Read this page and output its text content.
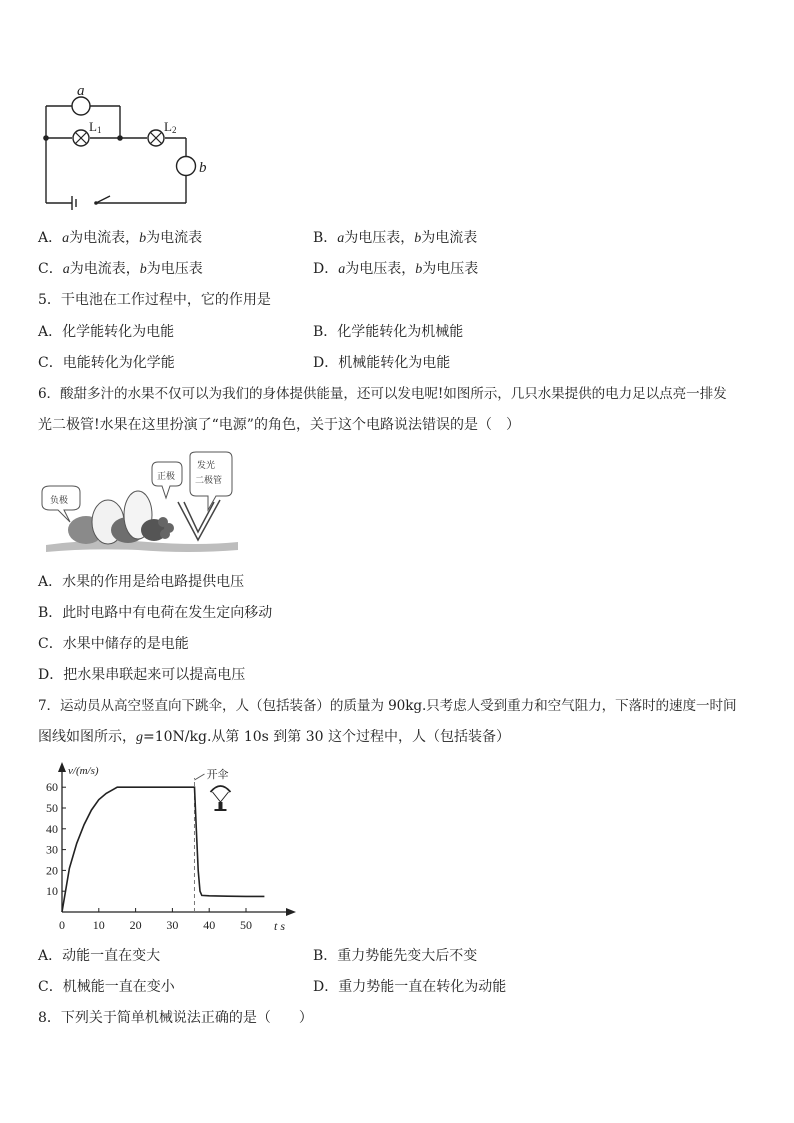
a
b
L1	L2
A．a为电流表，b为电流表	B．a为电压表，b为电流表
C．a为电流表，b为电压表	D．a为电压表，b为电压表
5．干电池在工作过程中，它的作用是
A．化学能转化为电能	B．化学能转化为机械能
C．电能转化为化学能	D．机械能转化为电能
6．酸甜多汁的水果不仅可以为我们的身体提供能量，还可以发电呢!如图所示，几只水果提供的电力足以点亮一排发
光二极管!水果在这里扮演了“电源”的角色，关于这个电路说法错误的是（　）
负极
正极
发光
二极管
A．水果的作用是给电路提供电压
B．此时电路中有电荷在发生定向移动
C．水果中储存的是电能
D．把水果串联起来可以提高电压
7．运动员从高空竖直向下跳伞，人（包括装备）的质量为 90kg.只考虑人受到重力和空气阻力，下落时的速度一时间
图线如图所示，g=10N/kg.从第 10s 到第 30 这个过程中，人（包括装备）
v/(m/s)
t s
开伞
10
20
30
40
50
60
0 10 20 30 40 50
A．动能一直在变大	B．重力势能先变大后不变
C．机械能一直在变小	D．重力势能一直在转化为动能
8．下列关于简单机械说法正确的是（　　）
